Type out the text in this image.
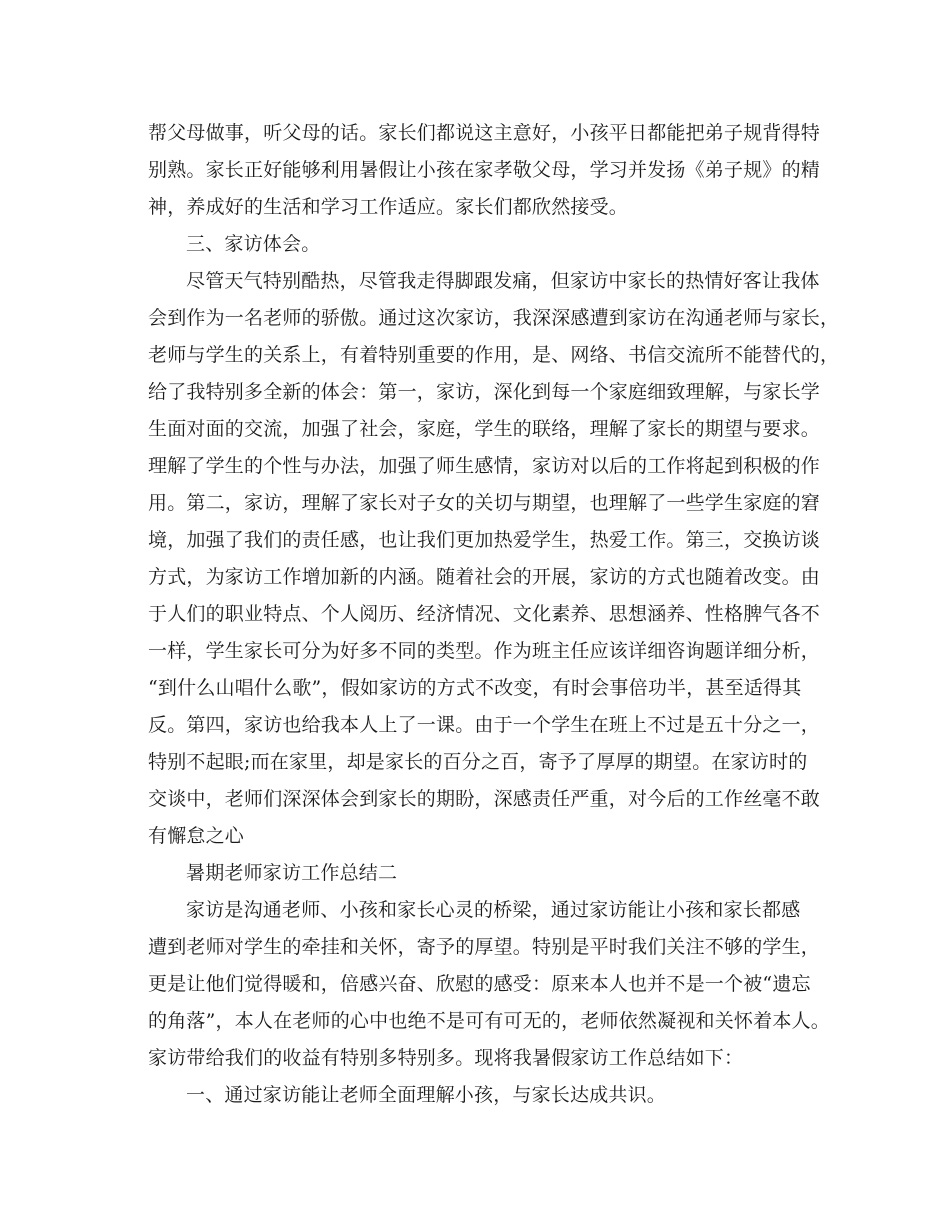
帮父母做事，听父母的话。家长们都说这主意好，小孩平日都能把弟子规背得特

别熟。家长正好能够利用暑假让小孩在家孝敬父母，学习并发扬《弟子规》的精

神，养成好的生活和学习工作适应。家长们都欣然接受。

三、家访体会。

尽管天气特别酷热，尽管我走得脚跟发痛，但家访中家长的热情好客让我体

会到作为一名老师的骄傲。通过这次家访，我深深感遭到家访在沟通老师与家长，

老师与学生的关系上，有着特别重要的作用，是、网络、书信交流所不能替代的，

给了我特别多全新的体会：第一，家访，深化到每一个家庭细致理解，与家长学

生面对面的交流，加强了社会，家庭，学生的联络，理解了家长的期望与要求。

理解了学生的个性与办法，加强了师生感情，家访对以后的工作将起到积极的作

用。第二，家访，理解了家长对子女的关切与期望，也理解了一些学生家庭的窘

境，加强了我们的责任感，也让我们更加热爱学生，热爱工作。第三，交换访谈

方式，为家访工作增加新的内涵。随着社会的开展，家访的方式也随着改变。由

于人们的职业特点、个人阅历、经济情况、文化素养、思想涵养、性格脾气各不

一样，学生家长可分为好多不同的类型。作为班主任应该详细咨询题详细分析，

“到什么山唱什么歌”，假如家访的方式不改变，有时会事倍功半，甚至适得其

反。第四，家访也给我本人上了一课。由于一个学生在班上不过是五十分之一，

特别不起眼;而在家里，却是家长的百分之百，寄予了厚厚的期望。在家访时的

交谈中，老师们深深体会到家长的期盼，深感责任严重，对今后的工作丝毫不敢

有懈怠之心

暑期老师家访工作总结二

家访是沟通老师、小孩和家长心灵的桥梁，通过家访能让小孩和家长都感

遭到老师对学生的牵挂和关怀，寄予的厚望。特别是平时我们关注不够的学生，

更是让他们觉得暖和，倍感兴奋、欣慰的感受：原来本人也并不是一个被“遗忘

的角落”，本人在老师的心中也绝不是可有可无的，老师依然凝视和关怀着本人。

家访带给我们的收益有特别多特别多。现将我暑假家访工作总结如下：

一、通过家访能让老师全面理解小孩，与家长达成共识。
